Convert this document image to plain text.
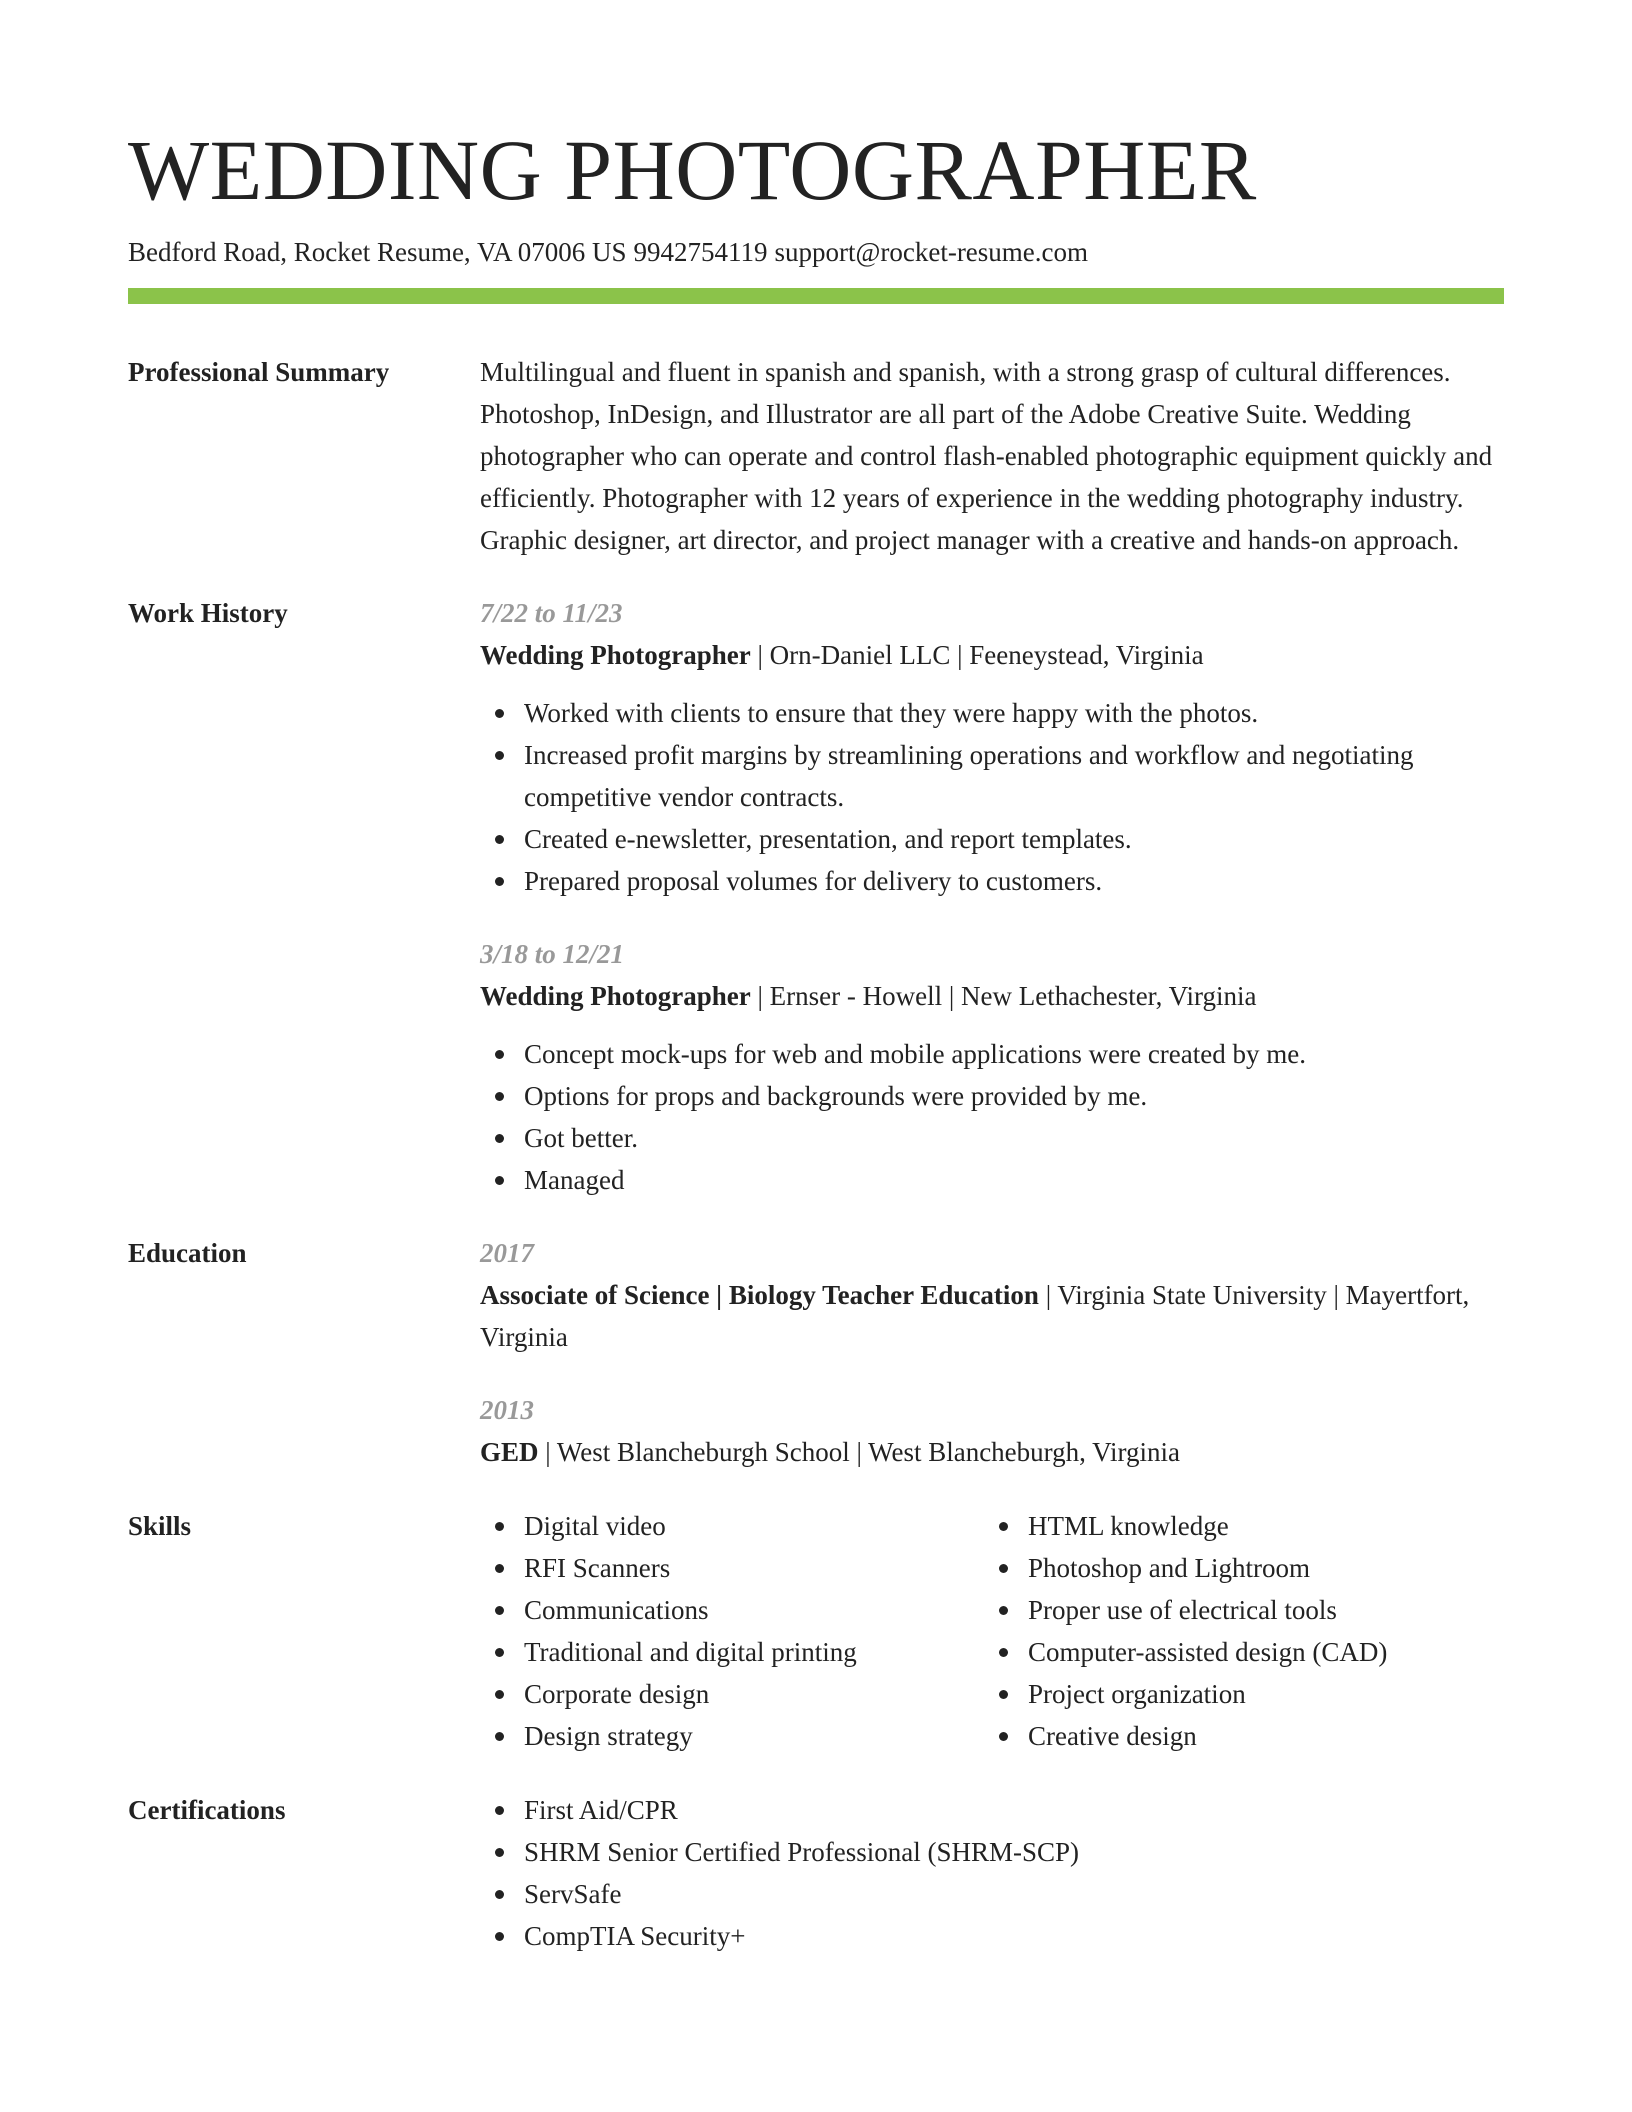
WEDDING PHOTOGRAPHER
Bedford Road, Rocket Resume, VA 07006 US 9942754119 support@rocket-resume.com
Professional Summary	Multilingual and fluent in spanish and spanish, with a strong grasp of cultural differences. Photoshop, InDesign, and Illustrator are all part of the Adobe Creative Suite. Wedding photographer who can operate and control flash-enabled photographic equipment quickly and efficiently. Photographer with 12 years of experience in the wedding photography industry. Graphic designer, art director, and project manager with a creative and hands-on approach.

Work History	7/22 to 11/23
Wedding Photographer | Orn-Daniel LLC | Feeneystead, Virginia
Worked with clients to ensure that they were happy with the photos.
Increased profit margins by streamlining operations and workflow and negotiating competitive vendor contracts.
Created e-newsletter, presentation, and report templates.
Prepared proposal volumes for delivery to customers.
3/18 to 12/21
Wedding Photographer | Ernser - Howell | New Lethachester, Virginia
Concept mock-ups for web and mobile applications were created by me.
Options for props and backgrounds were provided by me.
Got better.
Managed
Education	2017
Associate of Science | Biology Teacher Education | Virginia State University | Mayertfort, Virginia
2013
GED | West Blancheburgh School | West Blancheburgh, Virginia
Skills	Digital video
RFI Scanners
Communications
Traditional and digital printing
Corporate design
Design strategy
HTML knowledge
Photoshop and Lightroom
Proper use of electrical tools
Computer-assisted design (CAD)
Project organization
Creative design
Certifications	First Aid/CPR
SHRM Senior Certified Professional (SHRM-SCP)
ServSafe
CompTIA Security+
